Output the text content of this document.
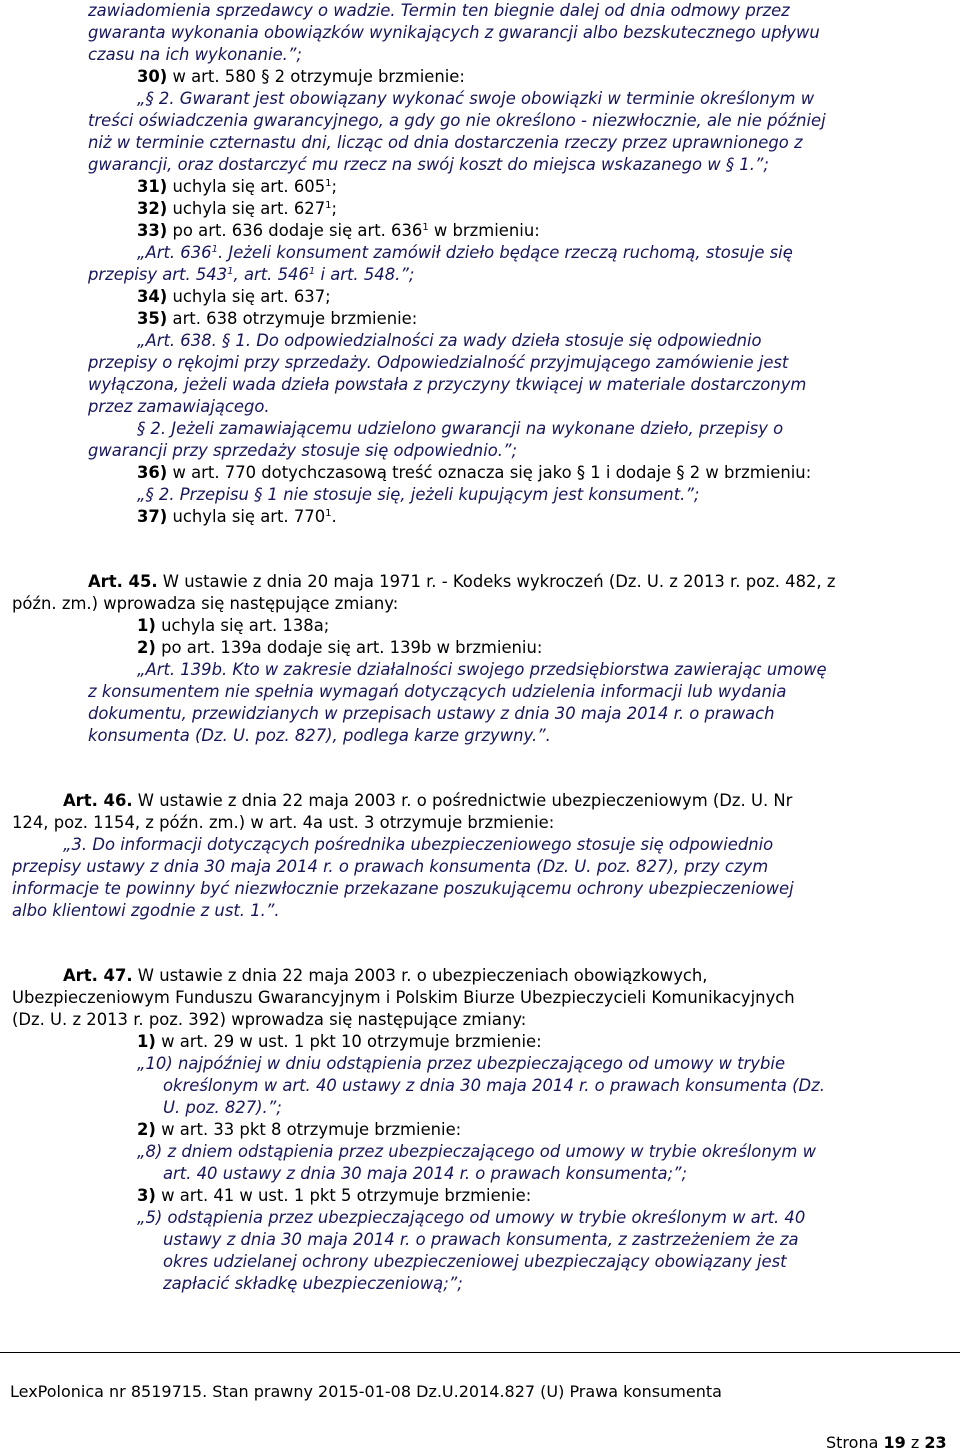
zawiadomienia sprzedawcy o wadzie. Termin ten biegnie dalej od dnia odmowy przez
gwaranta wykonania obowiązków wynikających z gwarancji albo bezskutecznego upływu
czasu na ich wykonanie.”;
30) w art. 580 § 2 otrzymuje brzmienie:
„§ 2. Gwarant jest obowiązany wykonać swoje obowiązki w terminie określonym w
treści oświadczenia gwarancyjnego, a gdy go nie określono - niezwłocznie, ale nie później
niż w terminie czternastu dni, licząc od dnia dostarczenia rzeczy przez uprawnionego z
gwarancji, oraz dostarczyć mu rzecz na swój koszt do miejsca wskazanego w § 1.”;
31) uchyla się art. $605^1$;
32) uchyla się art. $627^1$;
33) po art. 636 dodaje się art. $636^1$ w brzmieniu:
„Art. $636^1$. Jeżeli konsument zamówił dzieło będące rzeczą ruchomą, stosuje się
przepisy art. $543^1$, art. $546^1$ i art. 548.”;
34) uchyla się art. 637;
35) art. 638 otrzymuje brzmienie:
„Art. 638. § 1. Do odpowiedzialności za wady dzieła stosuje się odpowiednio
przepisy o rękojmi przy sprzedaży. Odpowiedzialność przyjmującego zamówienie jest
wyłączona, jeżeli wada dzieła powstała z przyczyny tkwiącej w materiale dostarczonym
przez zamawiającego.
§ 2. Jeżeli zamawiającemu udzielono gwarancji na wykonane dzieło, przepisy o
gwarancji przy sprzedaży stosuje się odpowiednio.”;
36) w art. 770 dotychczasową treść oznacza się jako § 1 i dodaje § 2 w brzmieniu:
„§ 2. Przepisu § 1 nie stosuje się, jeżeli kupującym jest konsument.”;
37) uchyla się art. $770^1$.
Art. 45. W ustawie z dnia 20 maja 1971 r. - Kodeks wykroczeń (Dz. U. z 2013 r. poz. 482, z
późn. zm.) wprowadza się następujące zmiany:
1) uchyla się art. 138a;
2) po art. 139a dodaje się art. 139b w brzmieniu:
„Art. 139b. Kto w zakresie działalności swojego przedsiębiorstwa zawierając umowę
z konsumentem nie spełnia wymagań dotyczących udzielenia informacji lub wydania
dokumentu, przewidzianych w przepisach ustawy z dnia 30 maja 2014 r. o prawach
konsumenta (Dz. U. poz. 827), podlega karze grzywny.”.
Art. 46. W ustawie z dnia 22 maja 2003 r. o pośrednictwie ubezpieczeniowym (Dz. U. Nr
124, poz. 1154, z późn. zm.) w art. 4a ust. 3 otrzymuje brzmienie:
„3. Do informacji dotyczących pośrednika ubezpieczeniowego stosuje się odpowiednio
przepisy ustawy z dnia 30 maja 2014 r. o prawach konsumenta (Dz. U. poz. 827), przy czym
informacje te powinny być niezwłocznie przekazane poszukującemu ochrony ubezpieczeniowej
albo klientowi zgodnie z ust. 1.”.
Art. 47. W ustawie z dnia 22 maja 2003 r. o ubezpieczeniach obowiązkowych,
Ubezpieczeniowym Funduszu Gwarancyjnym i Polskim Biurze Ubezpieczycieli Komunikacyjnych
(Dz. U. z 2013 r. poz. 392) wprowadza się następujące zmiany:
1) w art. 29 w ust. 1 pkt 10 otrzymuje brzmienie:
„10) najpóźniej w dniu odstąpienia przez ubezpieczającego od umowy w trybie
określonym w art. 40 ustawy z dnia 30 maja 2014 r. o prawach konsumenta (Dz.
U. poz. 827).”;
2) w art. 33 pkt 8 otrzymuje brzmienie:
„8) z dniem odstąpienia przez ubezpieczającego od umowy w trybie określonym w
art. 40 ustawy z dnia 30 maja 2014 r. o prawach konsumenta;”;
3) w art. 41 w ust. 1 pkt 5 otrzymuje brzmienie:
„5) odstąpienia przez ubezpieczającego od umowy w trybie określonym w art. 40
ustawy z dnia 30 maja 2014 r. o prawach konsumenta, z zastrzeżeniem że za
okres udzielanej ochrony ubezpieczeniowej ubezpieczający obowiązany jest
zapłacić składkę ubezpieczeniową;”;
LexPolonica nr 8519715. Stan prawny 2015-01-08 Dz.U.2014.827 (U) Prawa konsumenta
Strona 19 z 23
